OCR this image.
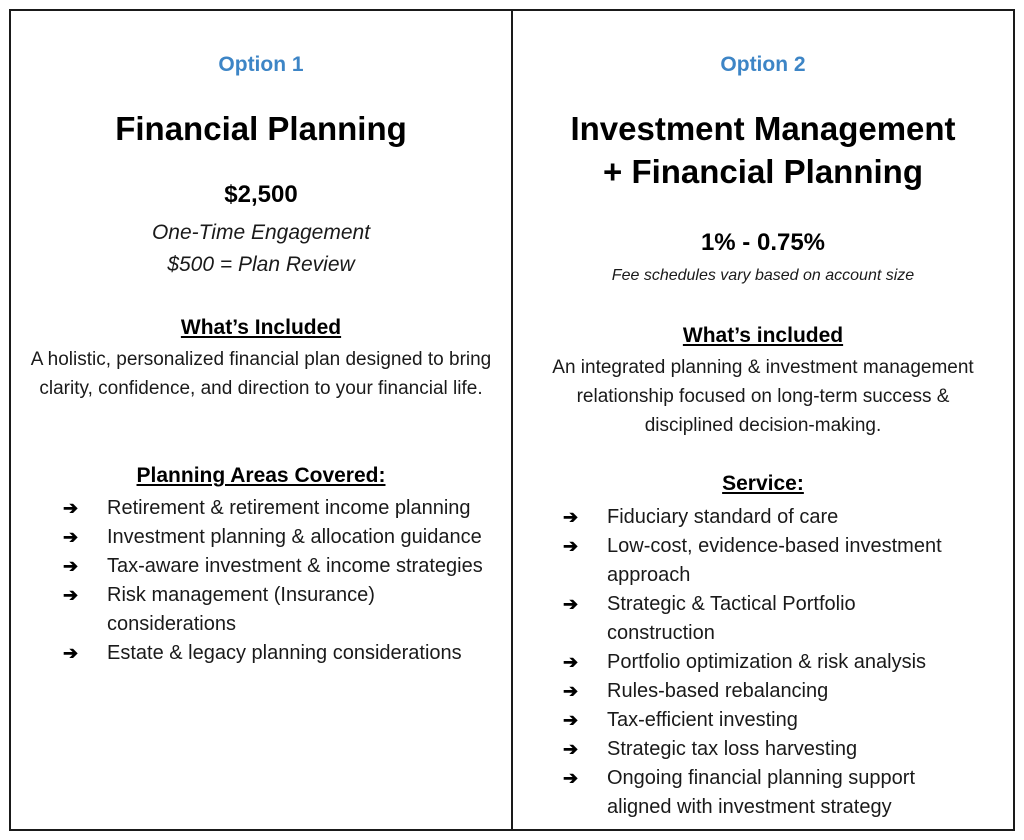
Option 1
Financial Planning
$2,500
One-Time Engagement
$500 = Plan Review
What’s Included
A holistic, personalized financial plan designed to bring clarity, confidence, and direction to your financial life.
Planning Areas Covered:
➔ Retirement & retirement income planning
➔ Investment planning & allocation guidance
➔ Tax-aware investment & income strategies
➔ Risk management (Insurance) considerations
➔ Estate & legacy planning considerations
Option 2
Investment Management
+ Financial Planning
1% - 0.75%
Fee schedules vary based on account size
What’s included
An integrated planning & investment management relationship focused on long-term success & disciplined decision-making.
Service:
➔ Fiduciary standard of care
➔ Low-cost, evidence-based investment approach
➔ Strategic & Tactical Portfolio construction
➔ Portfolio optimization & risk analysis
➔ Rules-based rebalancing
➔ Tax-efficient investing
➔ Strategic tax loss harvesting
➔ Ongoing financial planning support aligned with investment strategy
